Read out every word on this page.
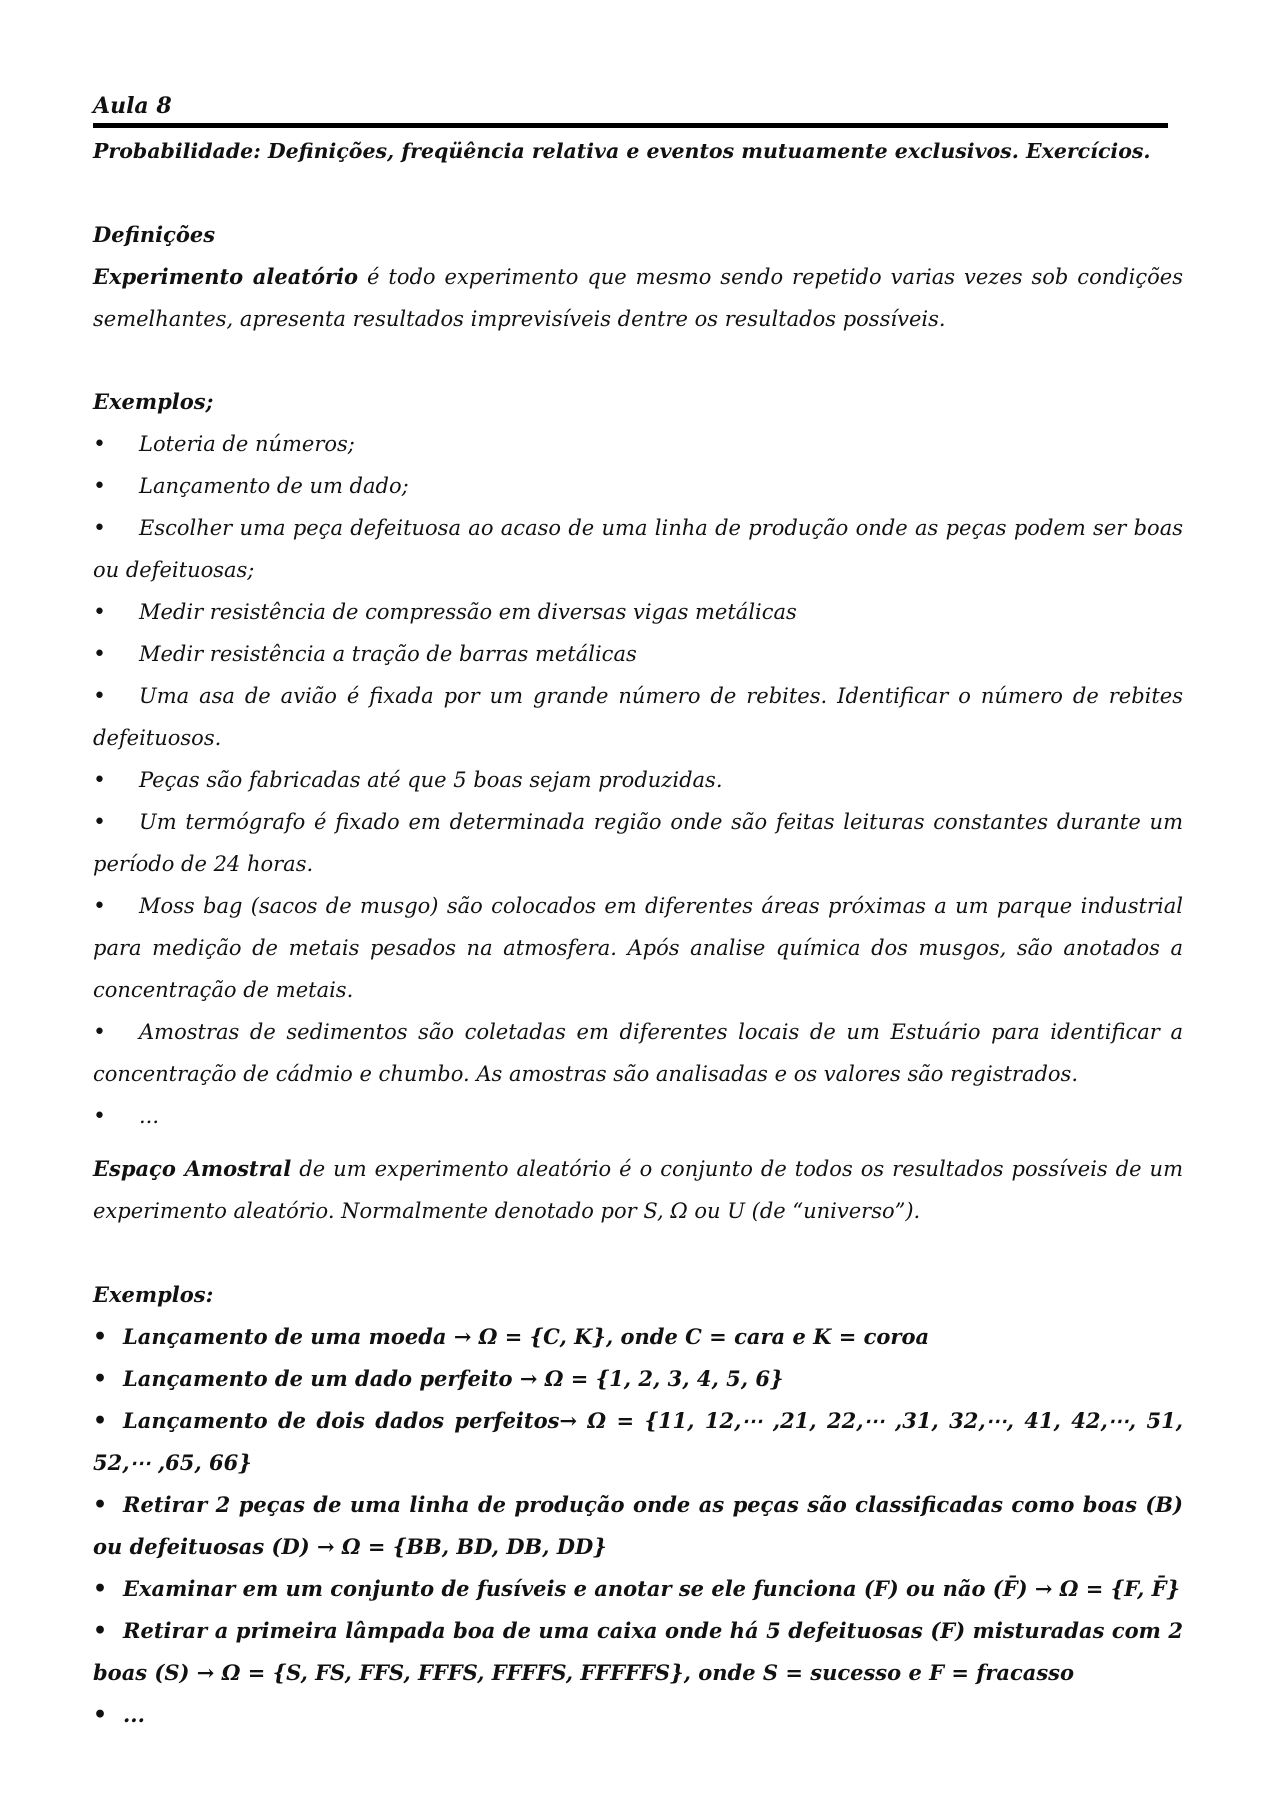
Aula 8
Probabilidade: Definições, freqüência relativa e eventos mutuamente exclusivos. Exercícios.
Definições
Experimento aleatório é todo experimento que mesmo sendo repetido varias vezes sob condições semelhantes, apresenta resultados imprevisíveis dentre os resultados possíveis.
Exemplos;
•
Loteria de números;
•
Lançamento de um dado;
•
Escolher uma peça defeituosa ao acaso de uma linha de produção onde as peças podem ser boas ou defeituosas;
•
Medir resistência de compressão em diversas vigas metálicas
•
Medir resistência a tração de barras metálicas
•
Uma asa de avião é fixada por um grande número de rebites. Identificar o número de rebites defeituosos.
•
Peças são fabricadas até que 5 boas sejam produzidas.
•
Um termógrafo é fixado em determinada região onde são feitas leituras constantes durante um período de 24 horas.
•
Moss bag (sacos de musgo) são colocados em diferentes áreas próximas a um parque industrial para medição de metais pesados na atmosfera. Após analise química dos musgos, são anotados a concentração de metais.
•
Amostras de sedimentos são coletadas em diferentes locais de um Estuário para identificar a concentração de cádmio e chumbo. As amostras são analisadas e os valores são registrados.
•
...
Espaço Amostral de um experimento aleatório é o conjunto de todos os resultados possíveis de um experimento aleatório. Normalmente denotado por S, Ω ou U (de “universo”).
Exemplos:
•
Lançamento de uma moeda → Ω = {C, K}, onde C = cara e K = coroa
•
Lançamento de um dado perfeito → Ω = {1, 2, 3, 4, 5, 6}
•
Lançamento de dois dados perfeitos→ Ω = {11, 12,⋯ ,21, 22,⋯ ,31, 32,⋯, 41, 42,⋯, 51, 52,⋯ ,65, 66}
•
Retirar 2 peças de uma linha de produção onde as peças são classificadas como boas (B) ou defeituosas (D) → Ω = {BB, BD, DB, DD}
•
Examinar em um conjunto de fusíveis e anotar se ele funciona (F) ou não (F̄) → Ω = {F, F̄}
•
Retirar a primeira lâmpada boa de uma caixa onde há 5 defeituosas (F) misturadas com 2 boas (S) → Ω = {S, FS, FFS, FFFS, FFFFS, FFFFFS}, onde S = sucesso e F = fracasso
•
...
